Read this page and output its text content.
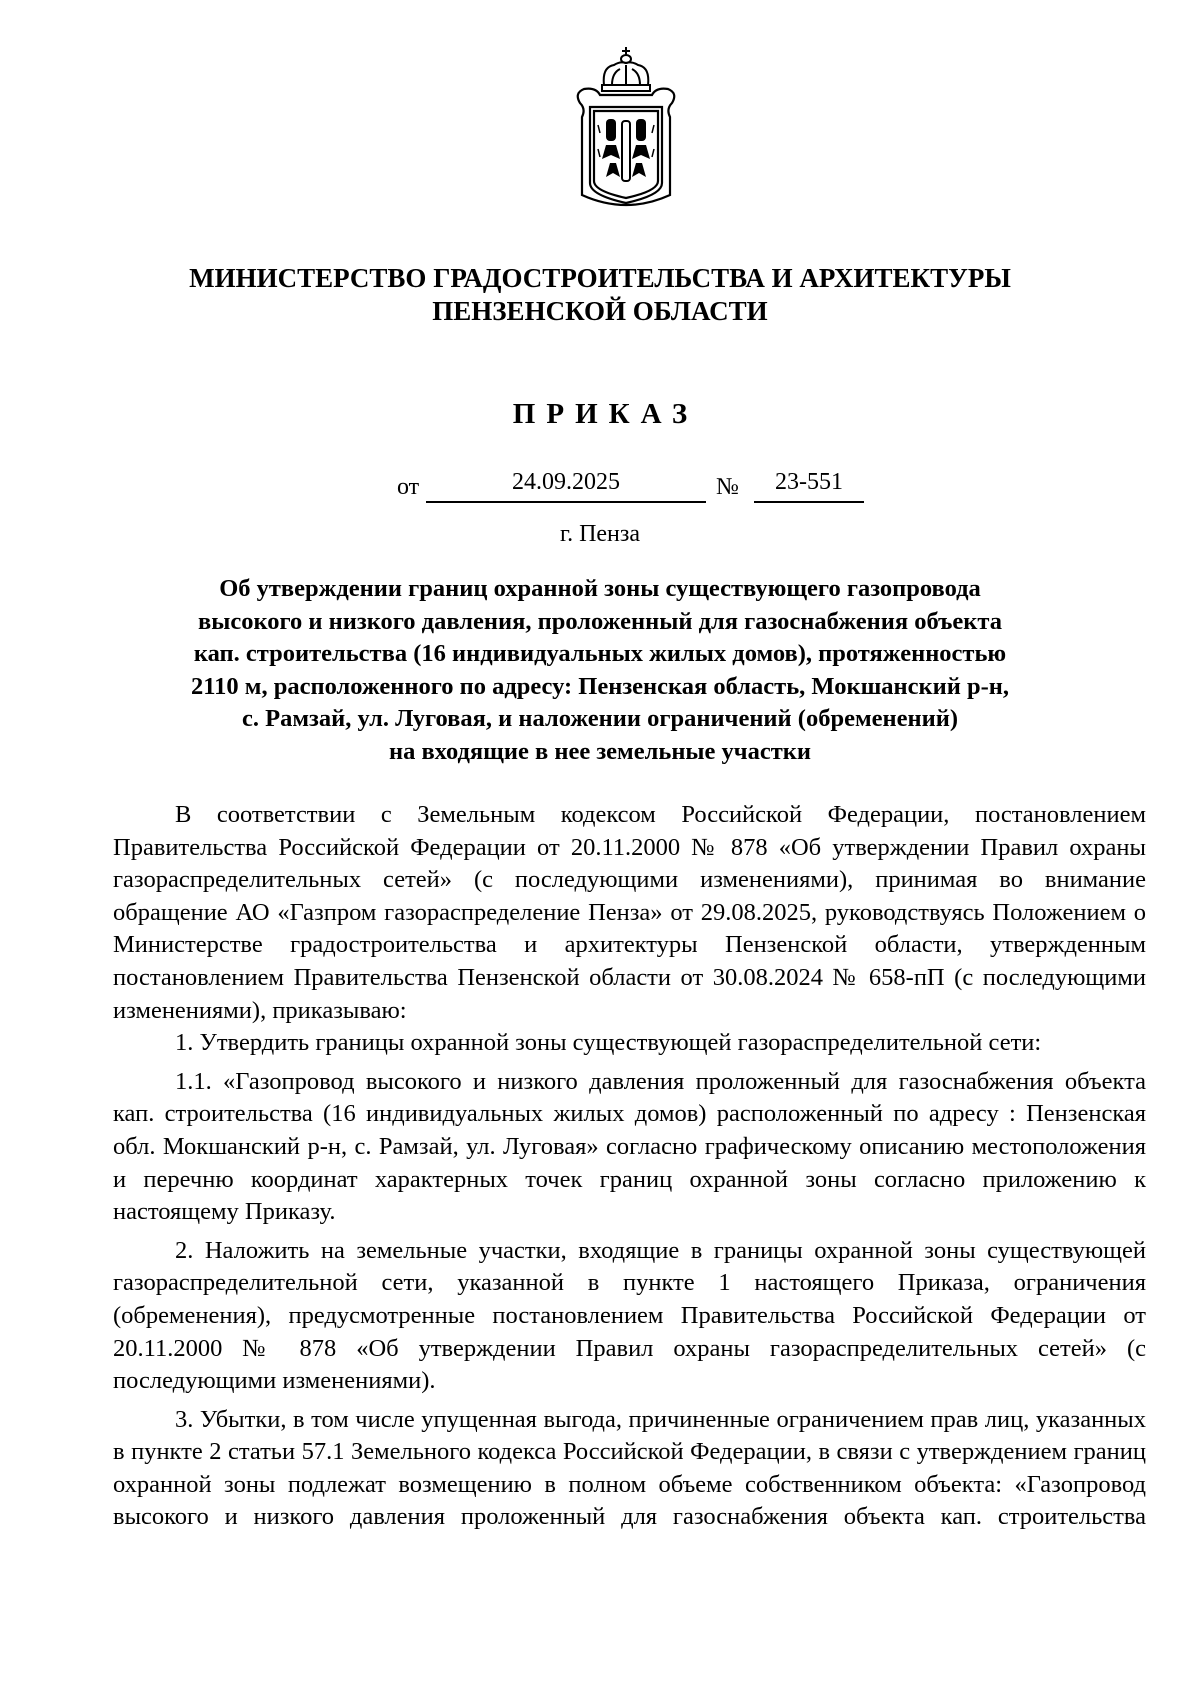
МИНИСТЕРСТВО ГРАДОСТРОИТЕЛЬСТВА И АРХИТЕКТУРЫ
ПЕНЗЕНСКОЙ ОБЛАСТИ
ПРИКАЗ
от	24.09.2025	№	23-551
г. Пенза
Об утверждении границ охранной зоны существующего газопровода
высокого и низкого давления, проложенный для газоснабжения объекта
кап. строительства (16 индивидуальных жилых домов), протяженностью
2110 м, расположенного по адресу: Пензенская область, Мокшанский р-н,
с. Рамзай, ул. Луговая, и наложении ограничений (обременений)
на входящие в нее земельные участки

В соответствии с Земельным кодексом Российской Федерации, постановлением Правительства Российской Федерации от 20.11.2000 № 878 «Об утверждении Правил охраны газораспределительных сетей» (с последующими изменениями), принимая во внимание обращение АО «Газпром газораспределение Пенза» от 29.08.2025, руководствуясь Положением о Министерстве градостроительства и архитектуры Пензенской области, утвержденным постановлением Правительства Пензенской области от 30.08.2024 № 658-пП (с последующими изменениями), приказываю:

1. Утвердить границы охранной зоны существующей газораспределительной сети:

1.1. «Газопровод высокого и низкого давления проложенный для газоснабжения объекта кап. строительства (16 индивидуальных жилых домов) расположенный по адресу : Пензенская обл. Мокшанский р-н, с. Рамзай, ул. Луговая» согласно графическому описанию местоположения и перечню координат характерных точек границ охранной зоны согласно приложению к настоящему Приказу.

2. Наложить на земельные участки, входящие в границы охранной зоны существующей газораспределительной сети, указанной в пункте 1 настоящего Приказа, ограничения (обременения), предусмотренные постановлением Правительства Российской Федерации от 20.11.2000 № 878 «Об утверждении Правил охраны газораспределительных сетей» (с последующими изменениями).

3. Убытки, в том числе упущенная выгода, причиненные ограничением прав лиц, указанных в пункте 2 статьи 57.1 Земельного кодекса Российской Федерации, в связи с утверждением границ охранной зоны подлежат возмещению в полном объеме собственником объекта: «Газопровод высокого и низкого давления проложенный для газоснабжения объекта кап. строительства
